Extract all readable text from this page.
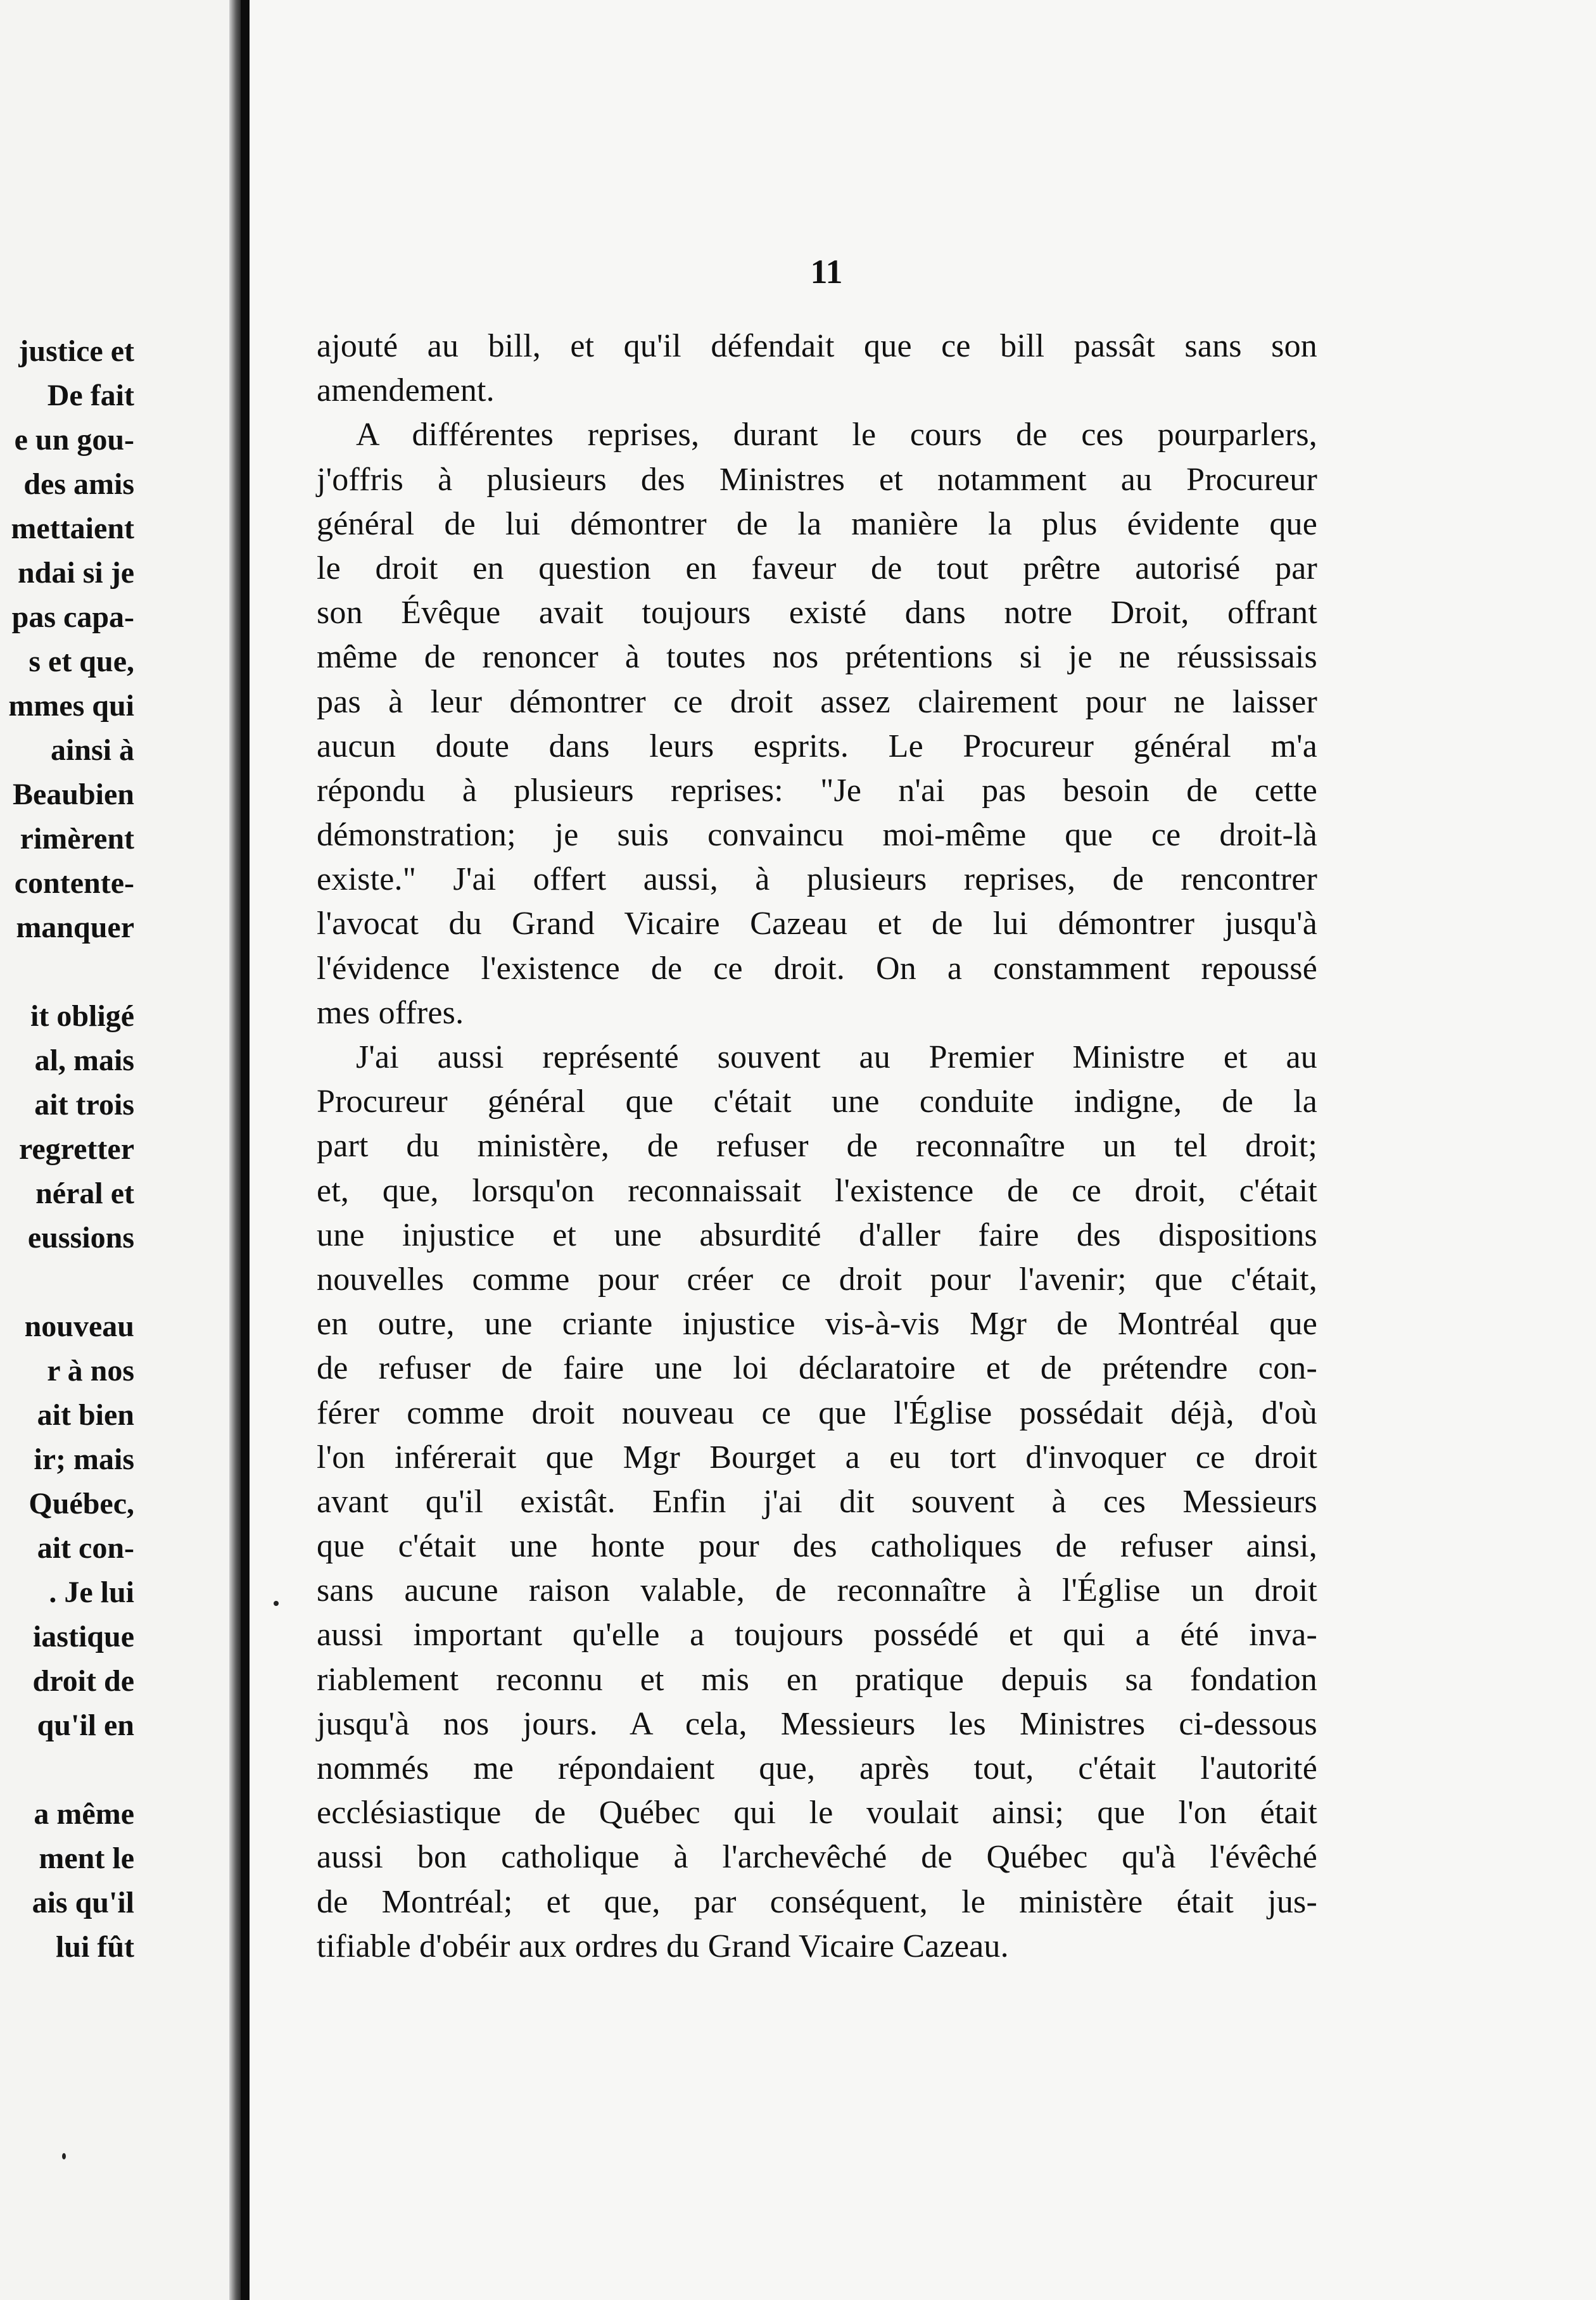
justice et
De fait
e un gou-
des amis
mettaient
ndai si je
pas capa-
s et que,
mmes qui
ainsi à
Beaubien
rimèrent
contente-
manquer
it obligé
al, mais
ait trois
regretter
néral et
eussions
nouveau
r à nos
ait bien
ir; mais
Québec,
ait con-
. Je lui
iastique
droit de
qu'il en
a même
ment le
ais qu'il
lui fût

11

ajouté au bill, et qu'il défendait que ce bill passât sans son
amendement.
A différentes reprises, durant le cours de ces pourparlers,
j'offris à plusieurs des Ministres et notamment au Procureur
général de lui démontrer de la manière la plus évidente que
le droit en question en faveur de tout prêtre autorisé par
son Évêque avait toujours existé dans notre Droit, offrant
même de renoncer à toutes nos prétentions si je ne réussissais
pas à leur démontrer ce droit assez clairement pour ne laisser
aucun doute dans leurs esprits. Le Procureur général m'a
répondu à plusieurs reprises: "Je n'ai pas besoin de cette
démonstration; je suis convaincu moi-même que ce droit-là
existe." J'ai offert aussi, à plusieurs reprises, de rencontrer
l'avocat du Grand Vicaire Cazeau et de lui démontrer jusqu'à
l'évidence l'existence de ce droit. On a constamment repoussé
mes offres.
J'ai aussi représenté souvent au Premier Ministre et au
Procureur général que c'était une conduite indigne, de la
part du ministère, de refuser de reconnaître un tel droit;
et, que, lorsqu'on reconnaissait l'existence de ce droit, c'était
une injustice et une absurdité d'aller faire des dispositions
nouvelles comme pour créer ce droit pour l'avenir; que c'était,
en outre, une criante injustice vis-à-vis Mgr de Montréal que
de refuser de faire une loi déclaratoire et de prétendre con-
férer comme droit nouveau ce que l'Église possédait déjà, d'où
l'on inférerait que Mgr Bourget a eu tort d'invoquer ce droit
avant qu'il existât. Enfin j'ai dit souvent à ces Messieurs
que c'était une honte pour des catholiques de refuser ainsi,
sans aucune raison valable, de reconnaître à l'Église un droit
aussi important qu'elle a toujours possédé et qui a été inva-
riablement reconnu et mis en pratique depuis sa fondation
jusqu'à nos jours. A cela, Messieurs les Ministres ci-dessous
nommés me répondaient que, après tout, c'était l'autorité
ecclésiastique de Québec qui le voulait ainsi; que l'on était
aussi bon catholique à l'archevêché de Québec qu'à l'évêché
de Montréal; et que, par conséquent, le ministère était jus-
tifiable d'obéir aux ordres du Grand Vicaire Cazeau.
